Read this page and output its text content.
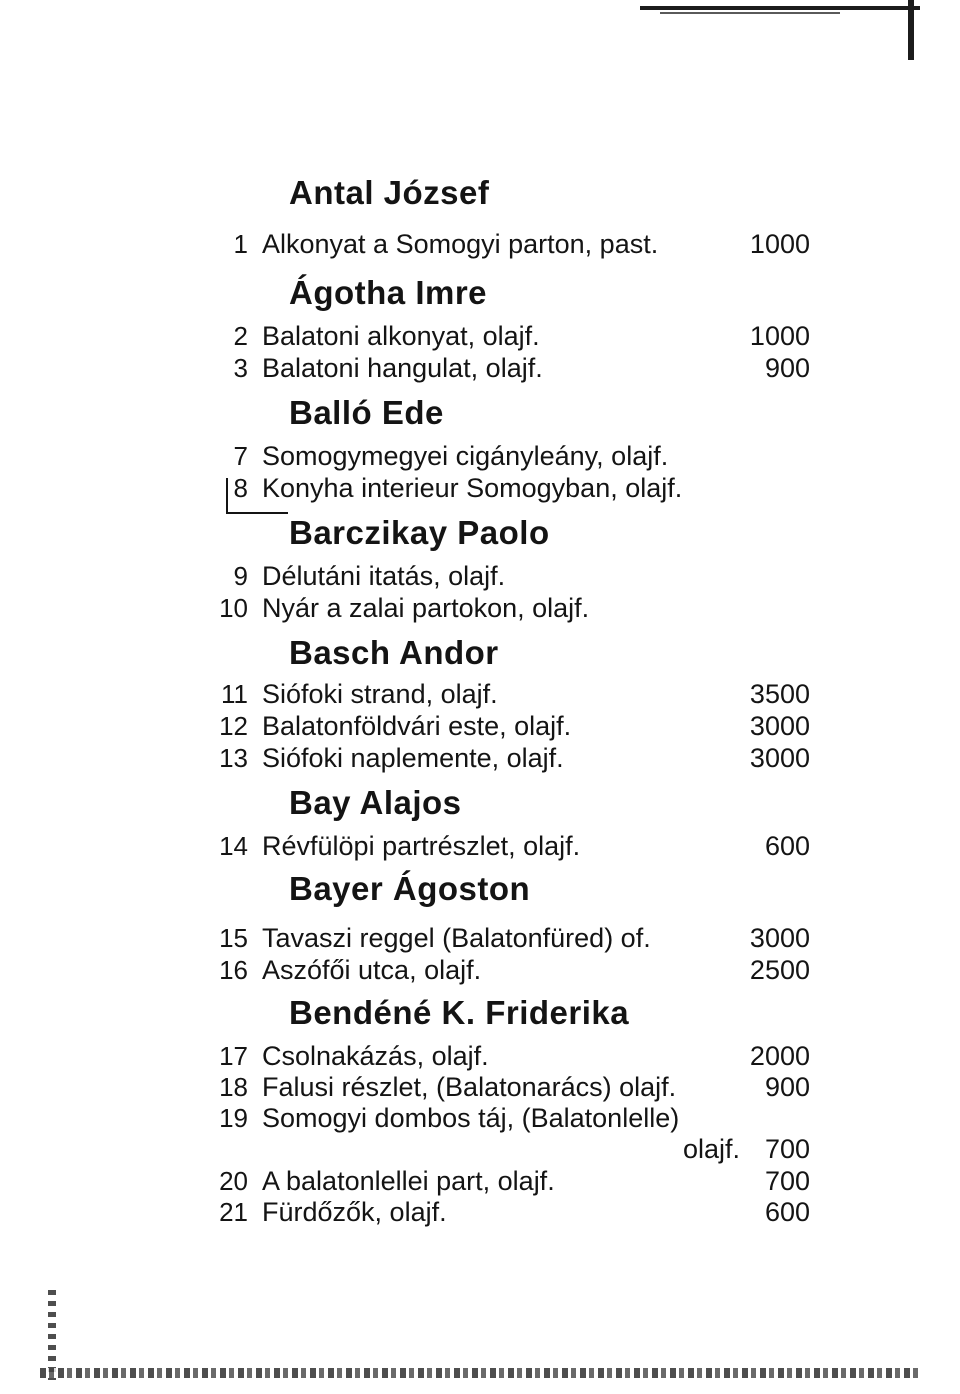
Antal József
1 Alkonyat a Somogyi parton, past.	1000
Ágotha Imre
2 Balatoni alkonyat, olajf.	1000
3 Balatoni hangulat, olajf.	900
Balló Ede
7 Somogymegyei cigányleány, olajf.
8 Konyha interieur Somogyban, olajf.
Barczikay Paolo
9 Délutáni itatás, olajf.
10 Nyár a zalai partokon, olajf.
Basch Andor
11 Siófoki strand, olajf.	3500
12 Balatonföldvári este, olajf.	3000
13 Siófoki naplemente, olajf.	3000
Bay Alajos
14 Révfülöpi partrészlet, olajf.	600
Bayer Ágoston
15 Tavaszi reggel (Balatonfüred) of.	3000
16 Aszófői utca, olajf.	2500
Bendéné K. Friderika
17 Csolnakázás, olajf.	2000
18 Falusi részlet, (Balatonarács) olajf.	900
19 Somogyi dombos táj, (Balatonlelle)
olajf. 700
20 A balatonlellei part, olajf.	700
21 Fürdőzők, olajf.	600
